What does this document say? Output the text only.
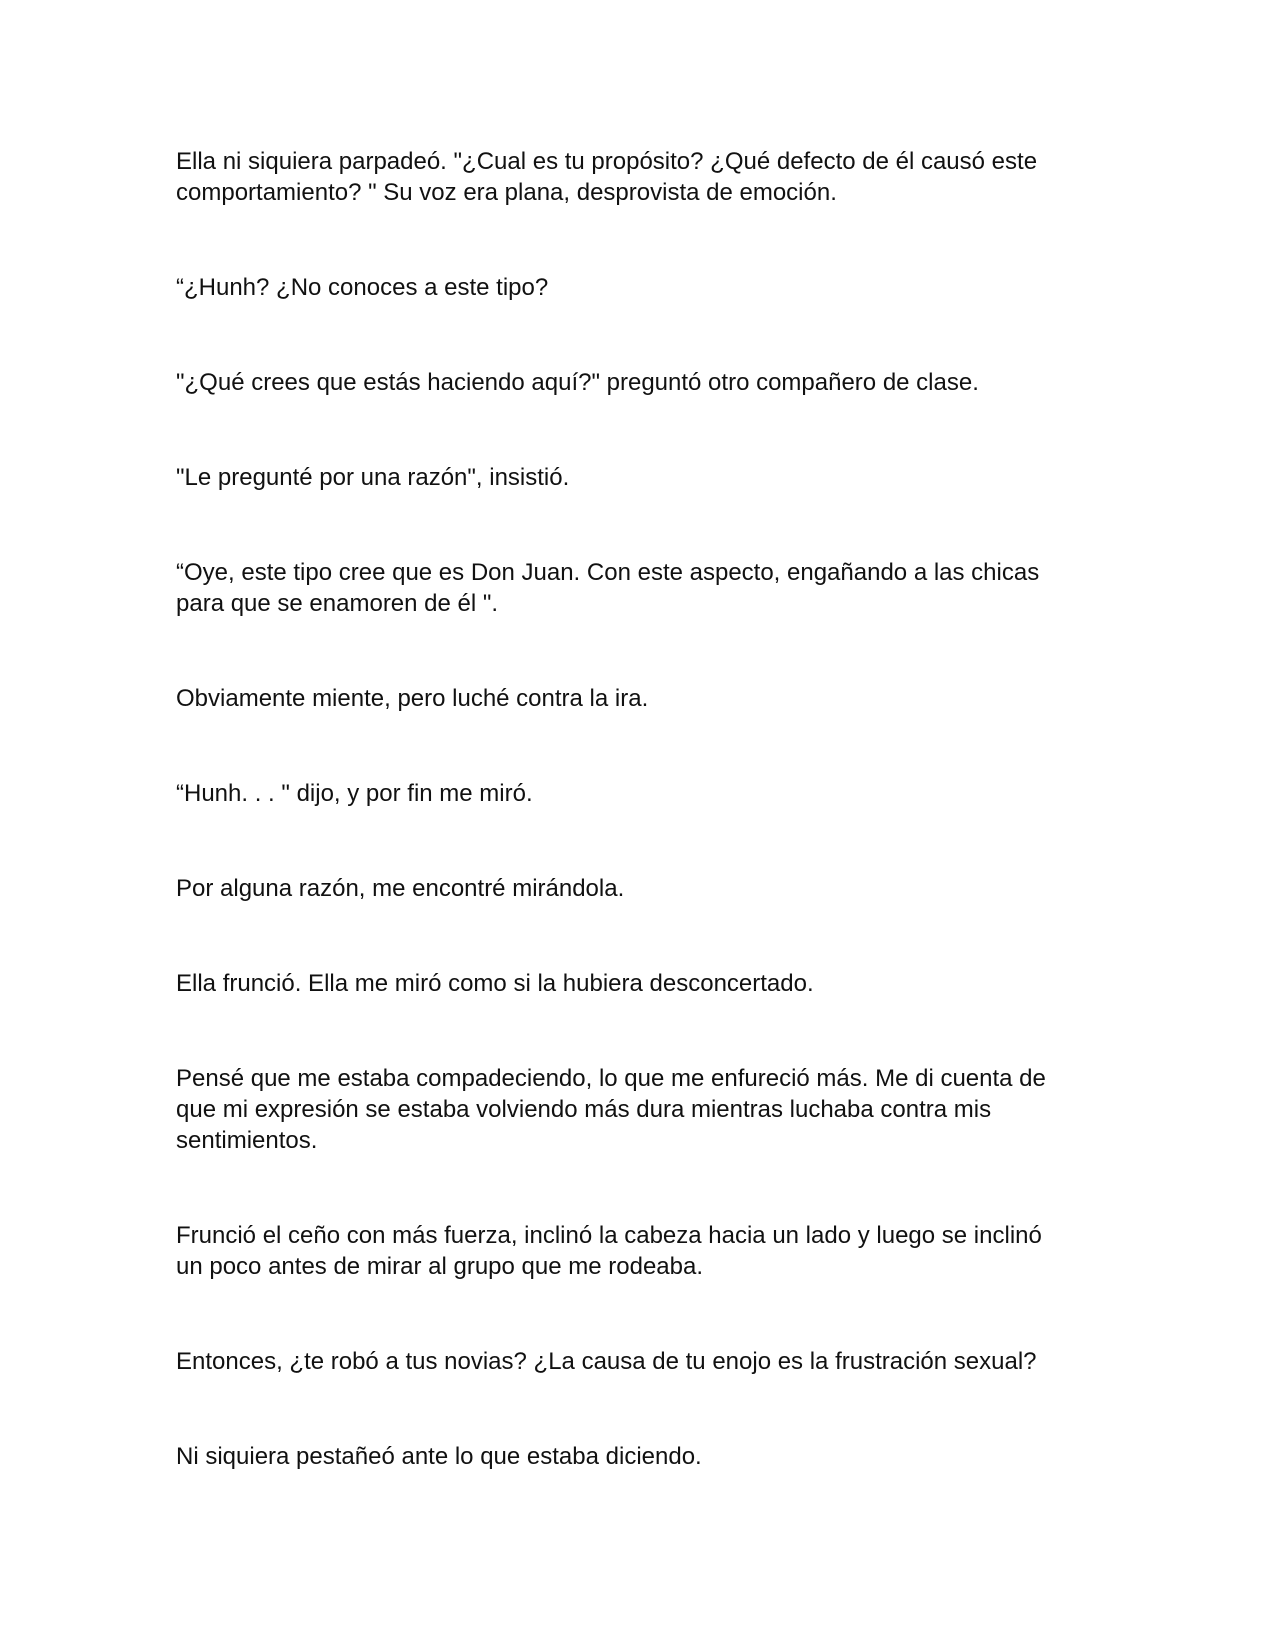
Ella ni siquiera parpadeó. "¿Cual es tu propósito? ¿Qué defecto de él causó este
comportamiento? " Su voz era plana, desprovista de emoción.

“¿Hunh? ¿No conoces a este tipo?

"¿Qué crees que estás haciendo aquí?" preguntó otro compañero de clase.

"Le pregunté por una razón", insistió.

“Oye, este tipo cree que es Don Juan. Con este aspecto, engañando a las chicas
para que se enamoren de él ".

Obviamente miente, pero luché contra la ira.

“Hunh. . . " dijo, y por fin me miró.

Por alguna razón, me encontré mirándola.

Ella frunció. Ella me miró como si la hubiera desconcertado.

Pensé que me estaba compadeciendo, lo que me enfureció más. Me di cuenta de
que mi expresión se estaba volviendo más dura mientras luchaba contra mis
sentimientos.

Frunció el ceño con más fuerza, inclinó la cabeza hacia un lado y luego se inclinó
un poco antes de mirar al grupo que me rodeaba.

Entonces, ¿te robó a tus novias? ¿La causa de tu enojo es la frustración sexual?

Ni siquiera pestañeó ante lo que estaba diciendo.
